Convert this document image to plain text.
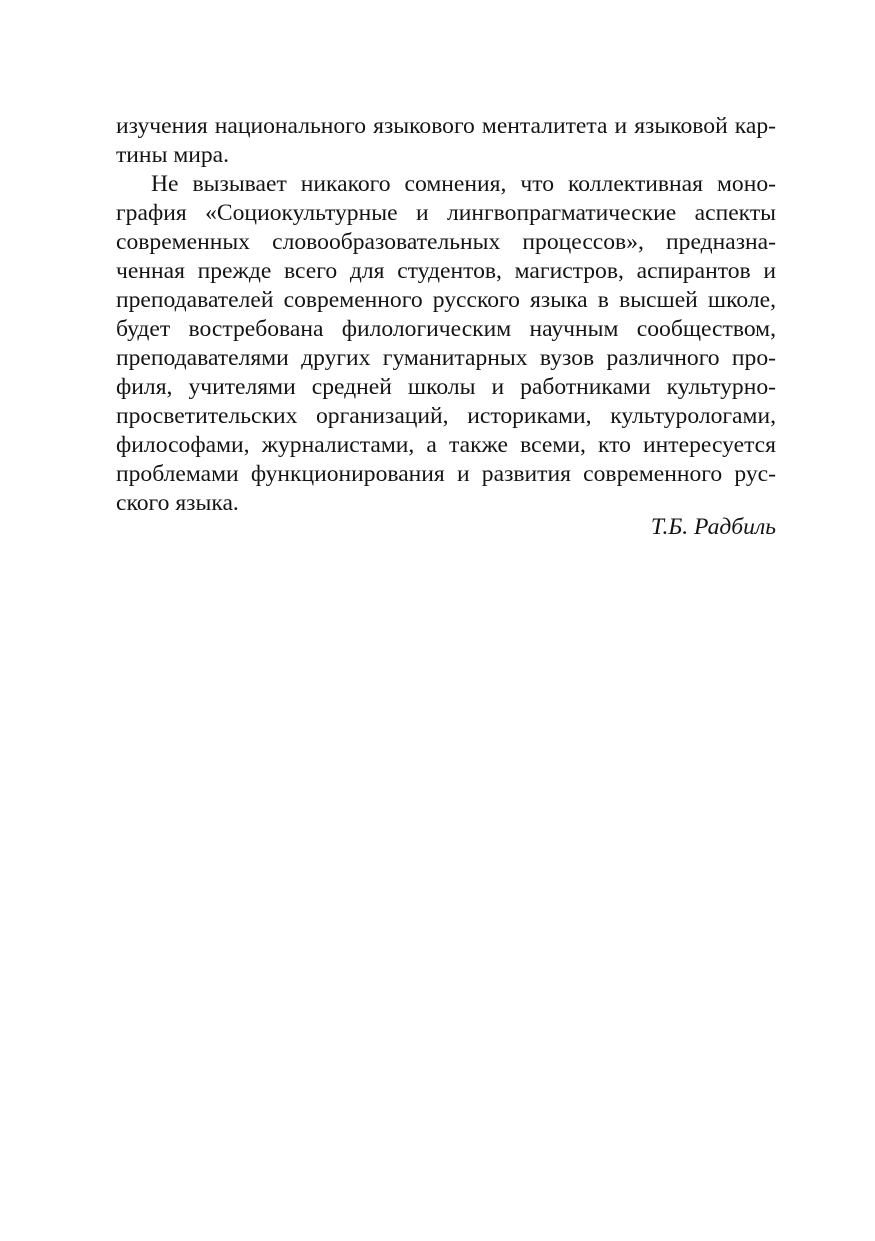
изучения национального языкового менталитета и языковой кар-

тины мира.

Не вызывает никакого сомнения, что коллективная моно-

графия «Социокультурные и лингвопрагматические аспекты

современных словообразовательных процессов», предназна-

ченная прежде всего для студентов, магистров, аспирантов и

преподавателей современного русского языка в высшей школе,

будет востребована филологическим научным сообществом,

преподавателями других гуманитарных вузов различного про-

филя, учителями средней школы и работниками культурно-

просветительских организаций, историками, культурологами,

философами, журналистами, а также всеми, кто интересуется

проблемами функционирования и развития современного рус-

ского языка.

Т.Б. Радбиль
